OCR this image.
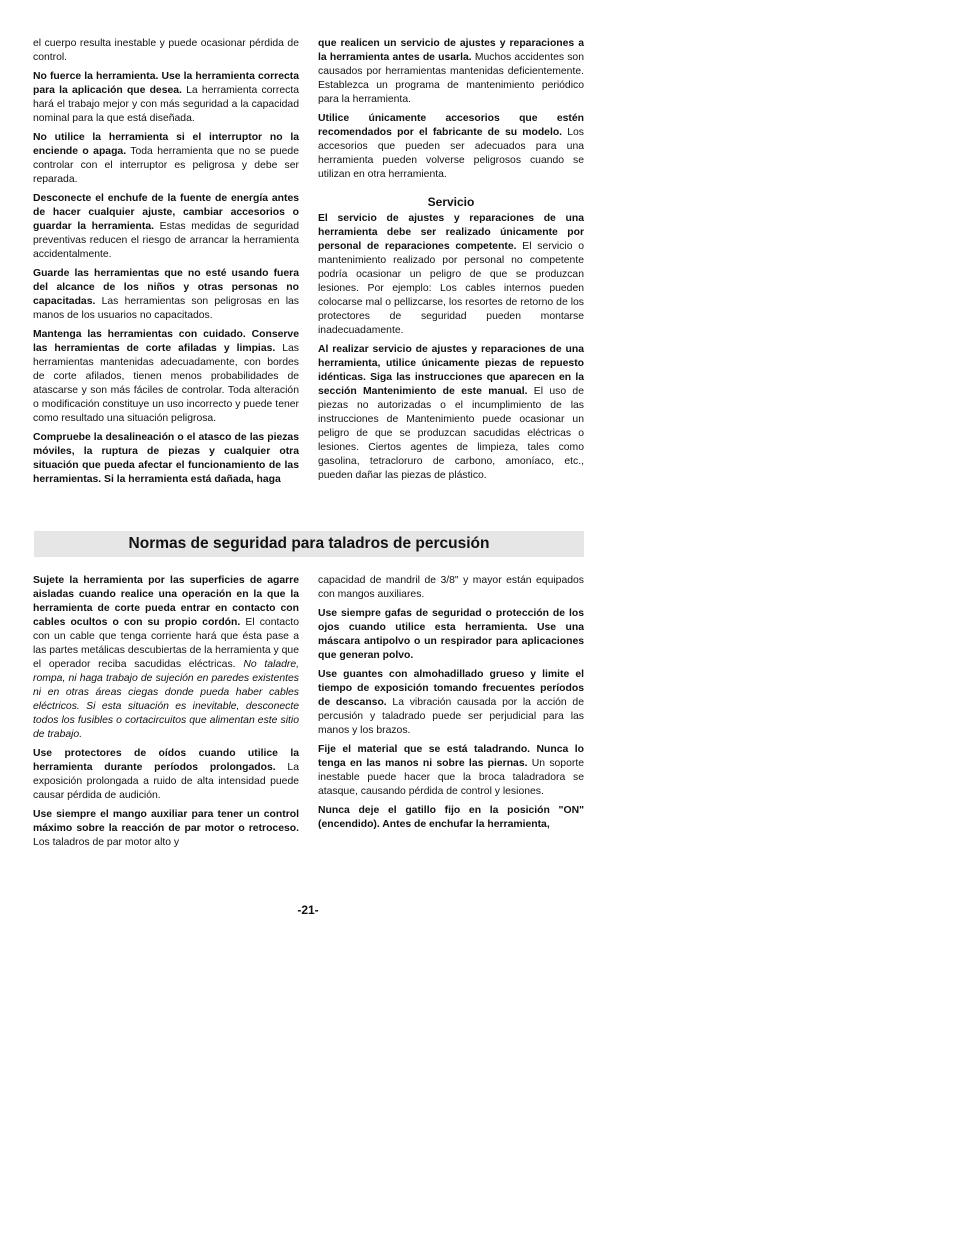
el cuerpo resulta inestable y puede ocasionar pérdida de control.

No fuerce la herramienta. Use la herramienta correcta para la aplicación que desea. La herramienta correcta hará el trabajo mejor y con más seguridad a la capacidad nominal para la que está diseñada.

No utilice la herramienta si el interruptor no la enciende o apaga. Toda herramienta que no se puede controlar con el interruptor es peligrosa y debe ser reparada.

Desconecte el enchufe de la fuente de energía antes de hacer cualquier ajuste, cambiar accesorios o guardar la herramienta. Estas medidas de seguridad preventivas reducen el riesgo de arrancar la herramienta accidentalmente.

Guarde las herramientas que no esté usando fuera del alcance de los niños y otras personas no capacitadas. Las herramientas son peligrosas en las manos de los usuarios no capacitados.

Mantenga las herramientas con cuidado. Conserve las herramientas de corte afiladas y limpias. Las herramientas mantenidas adecuadamente, con bordes de corte afilados, tienen menos probabilidades de atascarse y son más fáciles de controlar. Toda alteración o modificación constituye un uso incorrecto y puede tener como resultado una situación peligrosa.

Compruebe la desalineación o el atasco de las piezas móviles, la ruptura de piezas y cualquier otra situación que pueda afectar el funcionamiento de las herramientas. Si la herramienta está dañada, haga

que realicen un servicio de ajustes y reparaciones a la herramienta antes de usarla. Muchos accidentes son causados por herramientas mantenidas deficientemente. Establezca un programa de mantenimiento periódico para la herramienta.

Utilice únicamente accesorios que estén recomendados por el fabricante de su modelo. Los accesorios que pueden ser adecuados para una herramienta pueden volverse peligrosos cuando se utilizan en otra herramienta.

Servicio

El servicio de ajustes y reparaciones de una herramienta debe ser realizado únicamente por personal de reparaciones competente. El servicio o mantenimiento realizado por personal no competente podría ocasionar un peligro de que se produzcan lesiones. Por ejemplo: Los cables internos pueden colocarse mal o pellizcarse, los resortes de retorno de los protectores de seguridad pueden montarse inadecuadamente.

Al realizar servicio de ajustes y reparaciones de una herramienta, utilice únicamente piezas de repuesto idénticas. Siga las instrucciones que aparecen en la sección Mantenimiento de este manual. El uso de piezas no autorizadas o el incumplimiento de las instrucciones de Mantenimiento puede ocasionar un peligro de que se produzcan sacudidas eléctricas o lesiones. Ciertos agentes de limpieza, tales como gasolina, tetracloruro de carbono, amoníaco, etc., pueden dañar las piezas de plástico.

Normas de seguridad para taladros de percusión

Sujete la herramienta por las superficies de agarre aisladas cuando realice una operación en la que la herramienta de corte pueda entrar en contacto con cables ocultos o con su propio cordón. El contacto con un cable que tenga corriente hará que ésta pase a las partes metálicas descubiertas de la herramienta y que el operador reciba sacudidas eléctricas. No taladre, rompa, ni haga trabajo de sujeción en paredes existentes ni en otras áreas ciegas donde pueda haber cables eléctricos. Si esta situación es inevitable, desconecte todos los fusibles o cortacircuitos que alimentan este sitio de trabajo.

Use protectores de oídos cuando utilice la herramienta durante períodos prolongados. La exposición prolongada a ruido de alta intensidad puede causar pérdida de audición.

Use siempre el mango auxiliar para tener un control máximo sobre la reacción de par motor o retroceso. Los taladros de par motor alto y

capacidad de mandril de 3/8" y mayor están equipados con mangos auxiliares.

Use siempre gafas de seguridad o protección de los ojos cuando utilice esta herramienta. Use una máscara antipolvo o un respirador para aplicaciones que generan polvo.

Use guantes con almohadillado grueso y limite el tiempo de exposición tomando frecuentes períodos de descanso. La vibración causada por la acción de percusión y taladrado puede ser perjudicial para las manos y los brazos.

Fije el material que se está taladrando. Nunca lo tenga en las manos ni sobre las piernas. Un soporte inestable puede hacer que la broca taladradora se atasque, causando pérdida de control y lesiones.

Nunca deje el gatillo fijo en la posición "ON" (encendido). Antes de enchufar la herramienta,

-21-
